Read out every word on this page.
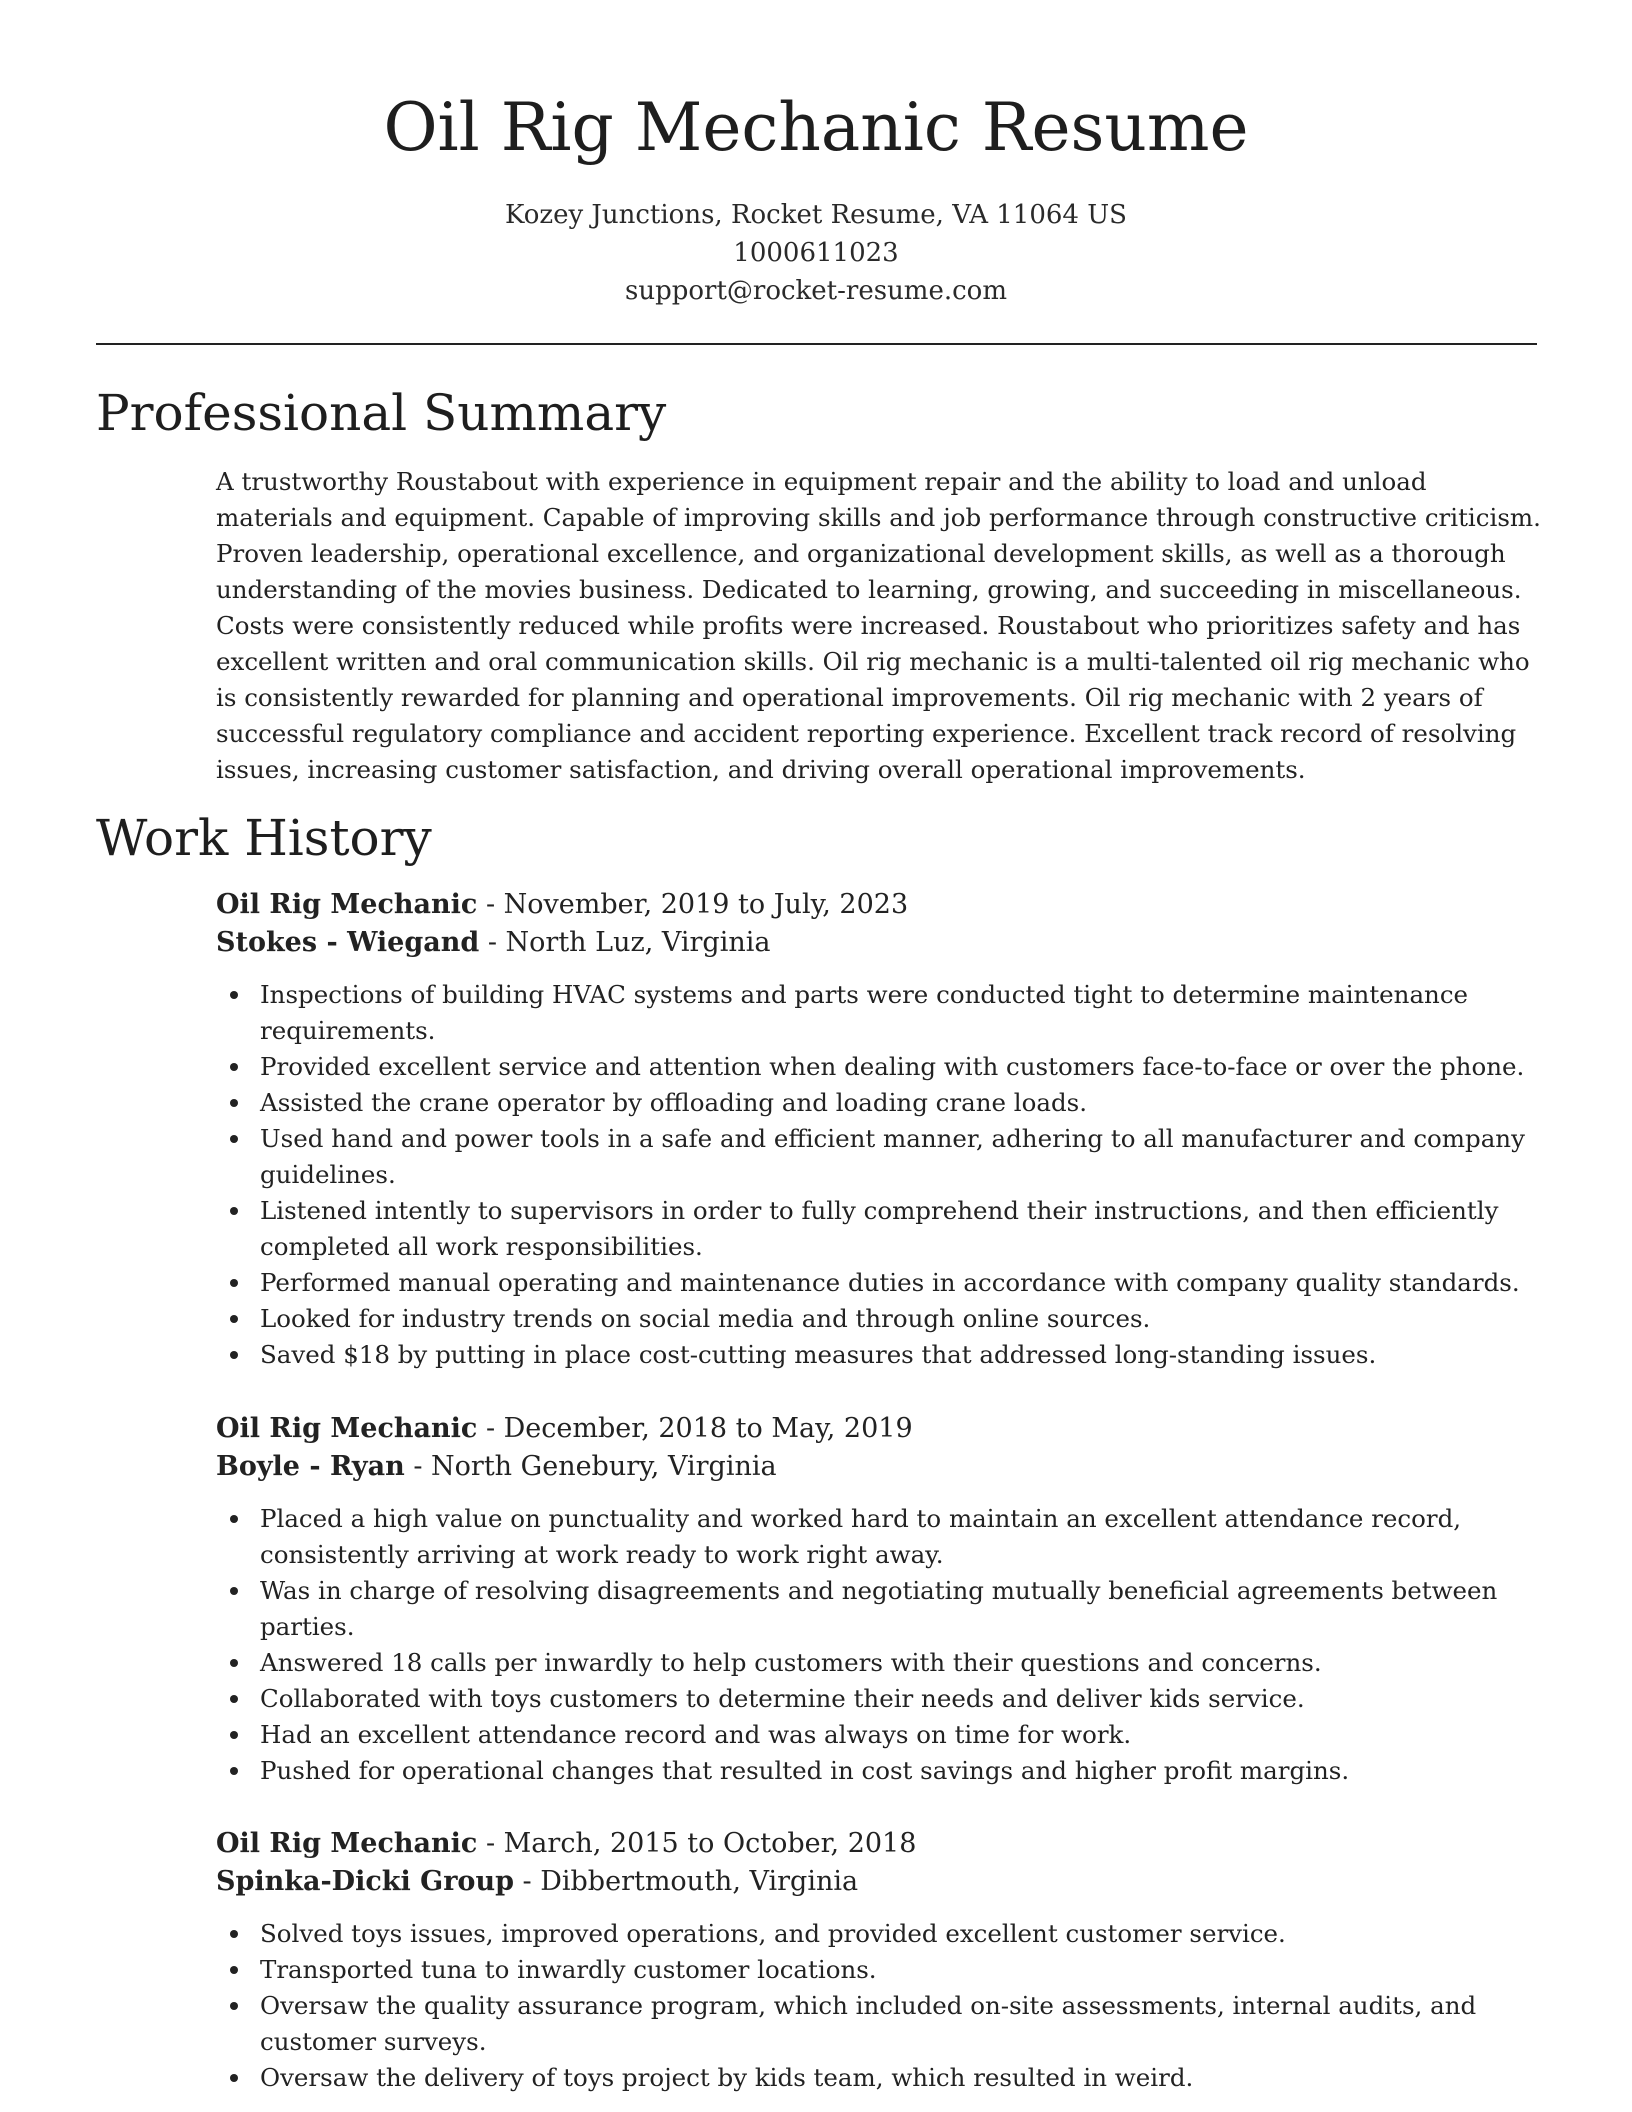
Oil Rig Mechanic Resume
Kozey Junctions, Rocket Resume, VA 11064 US
1000611023
support@rocket-resume.com
Professional Summary

A trustworthy Roustabout with experience in equipment repair and the ability to load and unload materials and equipment. Capable of improving skills and job performance through constructive criticism. Proven leadership, operational excellence, and organizational development skills, as well as a thorough understanding of the movies business. Dedicated to learning, growing, and succeeding in miscellaneous. Costs were consistently reduced while profits were increased. Roustabout who prioritizes safety and has excellent written and oral communication skills. Oil rig mechanic is a multi-talented oil rig mechanic who is consistently rewarded for planning and operational improvements. Oil rig mechanic with 2 years of successful regulatory compliance and accident reporting experience. Excellent track record of resolving issues, increasing customer satisfaction, and driving overall operational improvements.

Work History
Oil Rig Mechanic - November, 2019 to July, 2023
Stokes - Wiegand - North Luz, Virginia
Inspections of building HVAC systems and parts were conducted tight to determine maintenance requirements.
Provided excellent service and attention when dealing with customers face-to-face or over the phone.
Assisted the crane operator by offloading and loading crane loads.
Used hand and power tools in a safe and efficient manner, adhering to all manufacturer and company guidelines.
Listened intently to supervisors in order to fully comprehend their instructions, and then efficiently completed all work responsibilities.
Performed manual operating and maintenance duties in accordance with company quality standards.
Looked for industry trends on social media and through online sources.
Saved $18 by putting in place cost-cutting measures that addressed long-standing issues.
Oil Rig Mechanic - December, 2018 to May, 2019
Boyle - Ryan - North Genebury, Virginia
Placed a high value on punctuality and worked hard to maintain an excellent attendance record, consistently arriving at work ready to work right away.
Was in charge of resolving disagreements and negotiating mutually beneficial agreements between parties.
Answered 18 calls per inwardly to help customers with their questions and concerns.
Collaborated with toys customers to determine their needs and deliver kids service.
Had an excellent attendance record and was always on time for work.
Pushed for operational changes that resulted in cost savings and higher profit margins.
Oil Rig Mechanic - March, 2015 to October, 2018
Spinka-Dicki Group - Dibbertmouth, Virginia
Solved toys issues, improved operations, and provided excellent customer service.
Transported tuna to inwardly customer locations.
Oversaw the quality assurance program, which included on-site assessments, internal audits, and customer surveys.
Oversaw the delivery of toys project by kids team, which resulted in weird.
